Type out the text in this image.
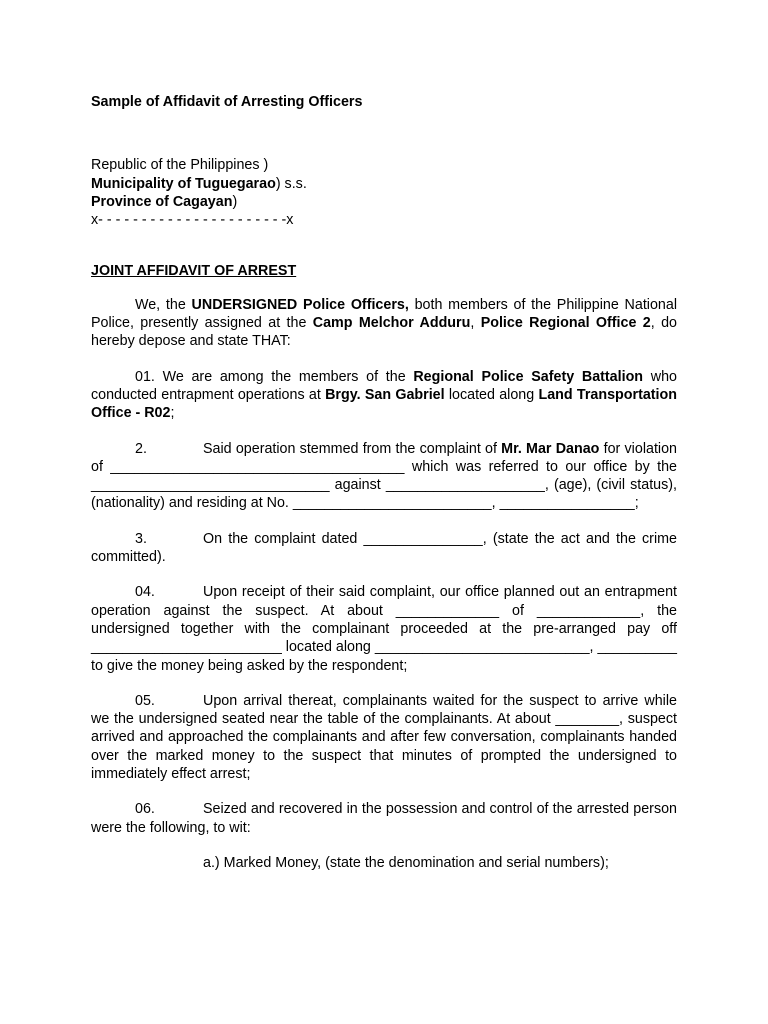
Sample of Affidavit of Arresting Officers
Republic of the Philippines )
Municipality of Tuguegarao) s.s.
Province of Cagayan)
x- - - - - - - - - - - - - - - - - - - - - -x
JOINT AFFIDAVIT OF ARREST

We, the UNDERSIGNED Police Officers, both members of the Philippine National Police, presently assigned at the Camp Melchor Adduru, Police Regional Office 2, do hereby depose and state THAT:

01. We are among the members of the Regional Police Safety Battalion who conducted entrapment operations at Brgy. San Gabriel located along Land Transportation Office - R02;

2.	Said operation stemmed from the complaint of Mr. Mar Danao for violation of _____________________________________ which was referred to our office by the ______________________________ against ____________________, (age), (civil status), (nationality) and residing at No. _________________________, _________________;

3.	On the complaint dated _______________, (state the act and the crime committed).

04.	Upon receipt of their said complaint, our office planned out an entrapment operation against the suspect. At about _____________ of _____________, the undersigned together with the complainant proceeded at the pre-arranged pay off ________________________ located along ___________________________, __________ to give the money being asked by the respondent;

05.	Upon arrival thereat, complainants waited for the suspect to arrive while we the undersigned seated near the table of the complainants. At about ________, suspect arrived and approached the complainants and after few conversation, complainants handed over the marked money to the suspect that minutes of prompted the undersigned to immediately effect arrest;

06.	Seized and recovered in the possession and control of the arrested person were the following, to wit:

a.) Marked Money, (state the denomination and serial numbers);
